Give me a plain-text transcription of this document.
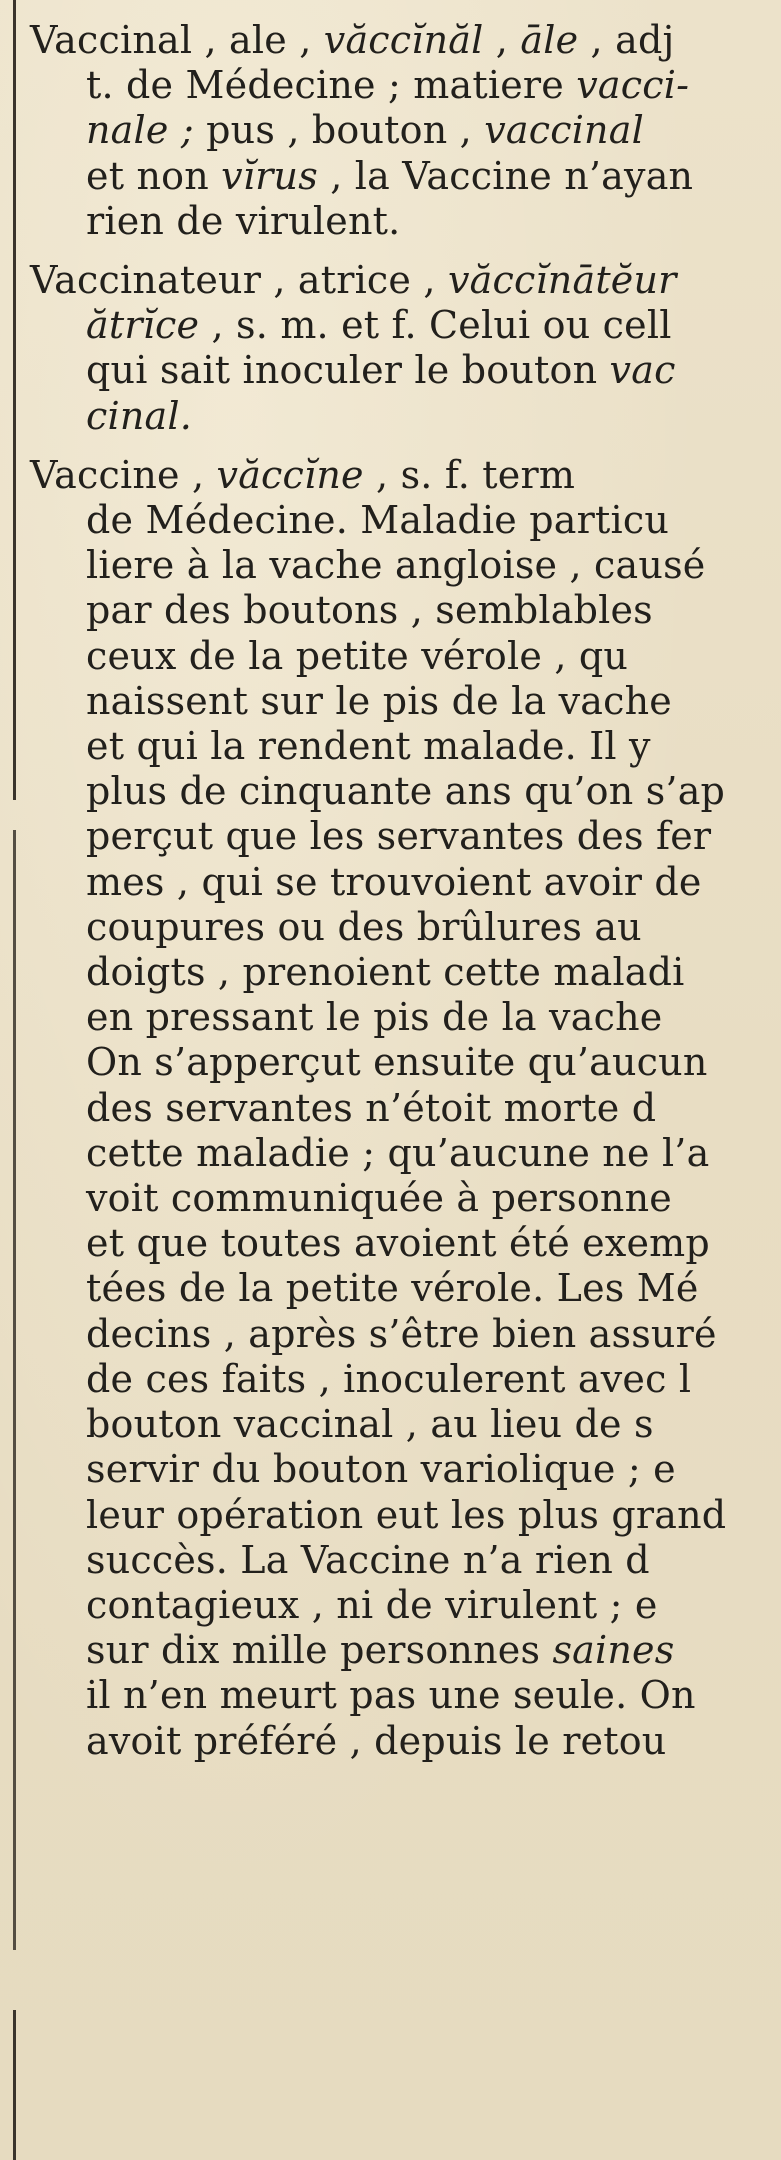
Vaccinal , ale , văccĭnăl , āle , adj
t. de Médecine ; matiere vacci-
nale ; pus , bouton , vaccinal
et non vĭrus , la Vaccine n’ayan
rien de virulent.
Vaccinateur , atrice , văccĭnātĕur
ătrĭce , s. m. et f. Celui ou cell
qui sait inoculer le bouton vac
cinal.
Vaccine , văccĭne , s. f. term
de Médecine. Maladie particu
liere à la vache angloise , causé
par des boutons , semblables
ceux de la petite vérole , qu
naissent sur le pis de la vache
et qui la rendent malade. Il y
plus de cinquante ans qu’on s’ap
perçut que les servantes des fer
mes , qui se trouvoient avoir de
coupures ou des brûlures au
doigts , prenoient cette maladi
en pressant le pis de la vache
On s’apperçut ensuite qu’aucun
des servantes n’étoit morte d
cette maladie ; qu’aucune ne l’a
voit communiquée à personne
et que toutes avoient été exemp
tées de la petite vérole. Les Mé
decins , après s’être bien assuré
de ces faits , inoculerent avec l
bouton vaccinal , au lieu de s
servir du bouton variolique ; e
leur opération eut les plus grand
succès. La Vaccine n’a rien d
contagieux , ni de virulent ; e
sur dix mille personnes saines
il n’en meurt pas une seule. On
avoit préféré , depuis le retou
